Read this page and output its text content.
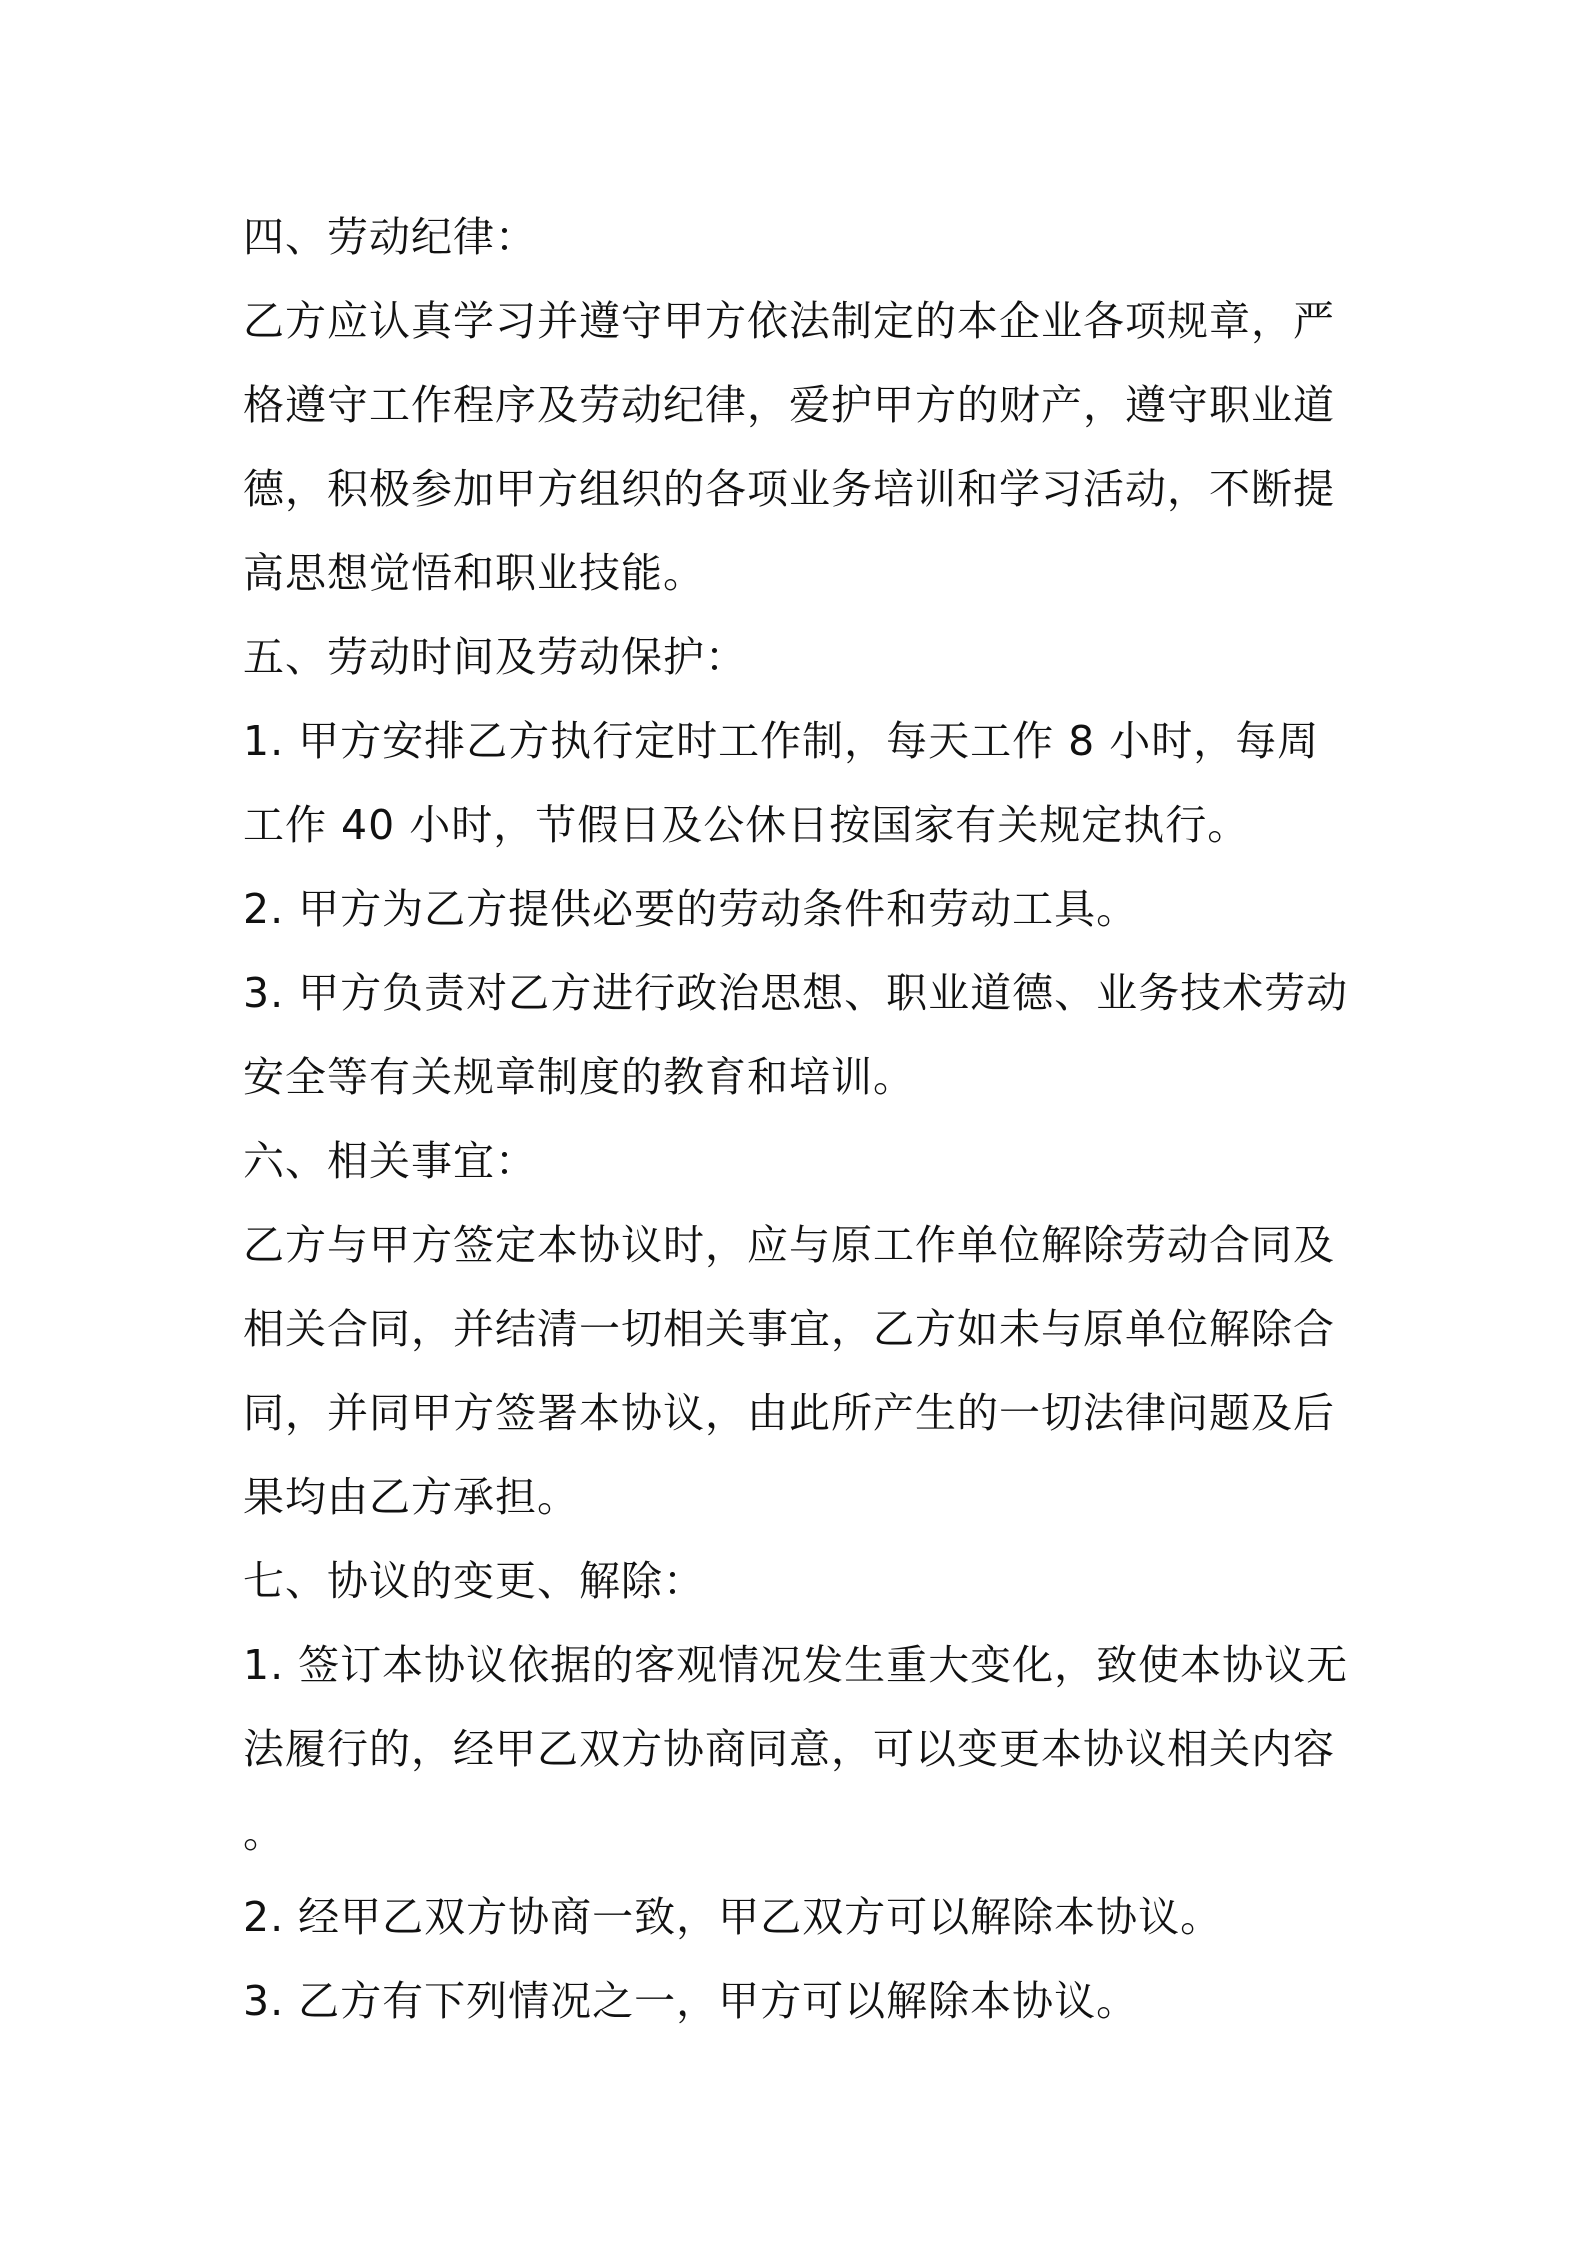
四、劳动纪律：
乙方应认真学习并遵守甲方依法制定的本企业各项规章，严
格遵守工作程序及劳动纪律，爱护甲方的财产，遵守职业道
德，积极参加甲方组织的各项业务培训和学习活动，不断提
高思想觉悟和职业技能。
五、劳动时间及劳动保护：
1. 甲方安排乙方执行定时工作制，每天工作 8 小时，每周
工作 40 小时，节假日及公休日按国家有关规定执行。
2. 甲方为乙方提供必要的劳动条件和劳动工具。
3. 甲方负责对乙方进行政治思想、职业道德、业务技术劳动
安全等有关规章制度的教育和培训。
六、相关事宜：
乙方与甲方签定本协议时，应与原工作单位解除劳动合同及
相关合同，并结清一切相关事宜，乙方如未与原单位解除合
同，并同甲方签署本协议，由此所产生的一切法律问题及后
果均由乙方承担。
七、协议的变更、解除：
1. 签订本协议依据的客观情况发生重大变化，致使本协议无
法履行的，经甲乙双方协商同意，可以变更本协议相关内容
。
2. 经甲乙双方协商一致，甲乙双方可以解除本协议。
3. 乙方有下列情况之一，甲方可以解除本协议。
